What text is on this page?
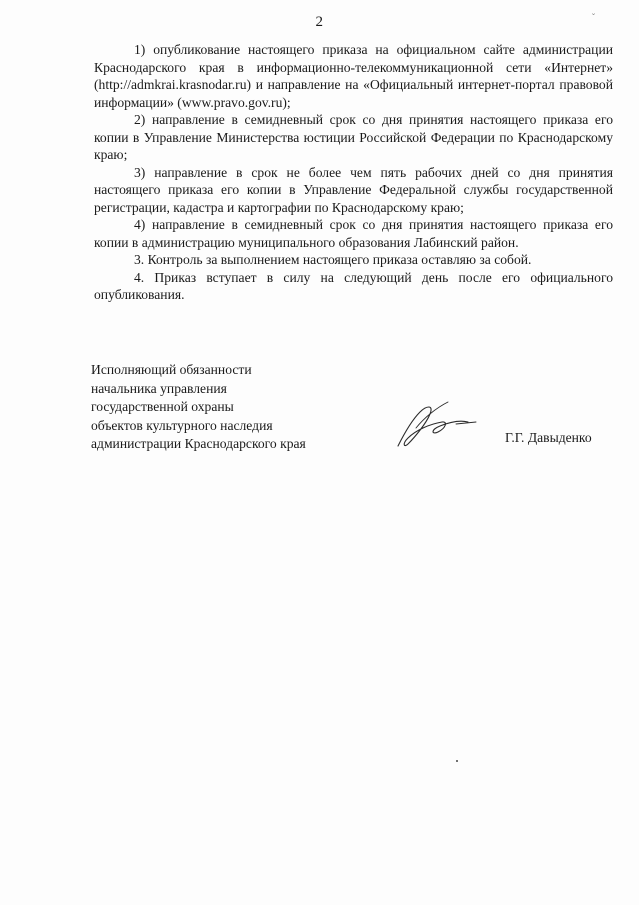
2	˘

1) опубликование настоящего приказа на официальном сайте администрации Краснодарского края в информационно-телекоммуникационной сети «Интернет» (http://admkrai.krasnodar.ru) и направление на «Официальный интернет-портал правовой информации» (www.pravo.gov.ru);

2) направление в семидневный срок со дня принятия настоящего приказа его копии в Управление Министерства юстиции Российской Федерации по Краснодарскому краю;

3) направление в срок не более чем пять рабочих дней со дня принятия настоящего приказа его копии в Управление Федеральной службы государственной регистрации, кадастра и картографии по Краснодарскому краю;

4) направление в семидневный срок со дня принятия настоящего приказа его копии в администрацию муниципального образования Лабинский район.

3. Контроль за выполнением настоящего приказа оставляю за собой.

4. Приказ вступает в силу на следующий день после его официального опубликования.

Исполняющий обязанности
начальника управления
государственной охраны
объектов культурного наследия
администрации Краснодарского края	Г.Г. Давыденко
